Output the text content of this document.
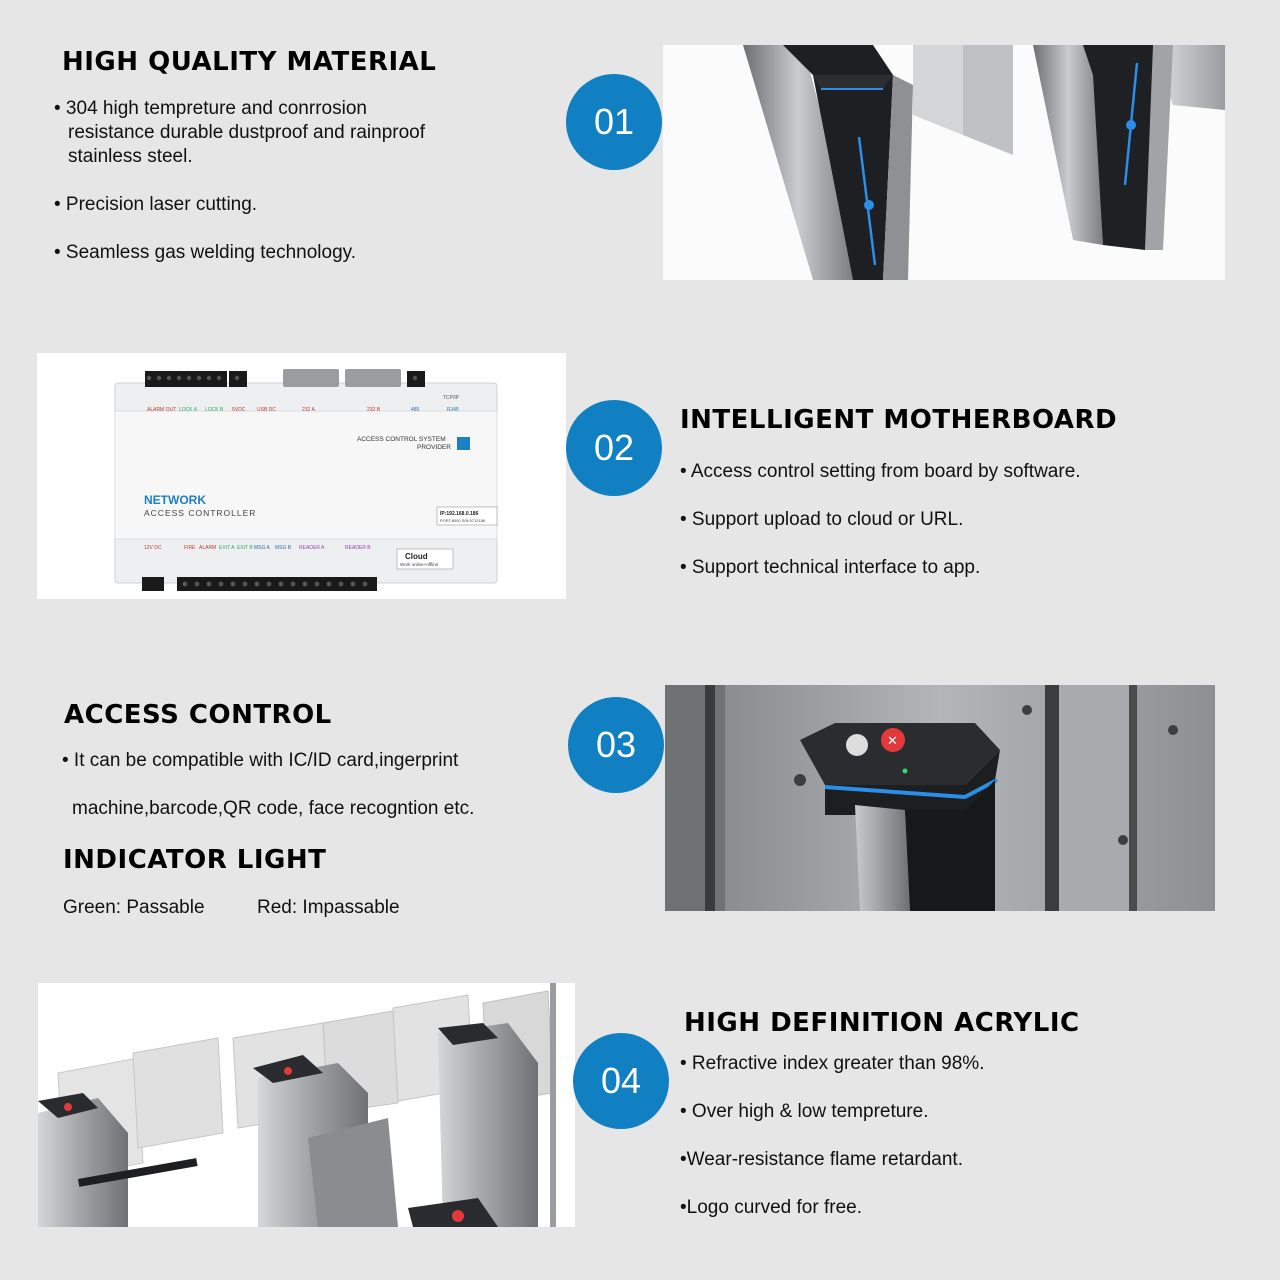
HIGH QUALITY MATERIAL

• 304 high tempreture and conrrosion

resistance durable dustproof and rainproof

stainless steel.

• Precision laser cutting.

• Seamless gas welding technology.

01
ALARM OUT LOCK A LOCK B 5VDC USB DC	232 A	232 B	485
TCP/IP
RJ45
ACCESS CONTROL SYSTEM
PROVIDER
NETWORK
ACCESS CONTROLLER	IP:192.168.0.186
PORT:8000 S/N:5712186
12V DC	FIRE ALARM EXIT A EXIT B MSG A MSG B READER A	READER B
Cloud
Work online+offline
02
INTELLIGENT MOTHERBOARD

• Access control setting from board by software.

• Support upload to cloud or URL.

• Support technical interface to app.

ACCESS CONTROL

• It can be compatible with IC/ID card,ingerprint

machine,barcode,QR code, face recogntion etc.

INDICATOR LIGHT

Green: Passable	Red: Impassable

03	✕
04
HIGH DEFINITION ACRYLIC

• Refractive index greater than 98%.

• Over high & low tempreture.

•Wear-resistance flame retardant.

•Logo curved for free.
